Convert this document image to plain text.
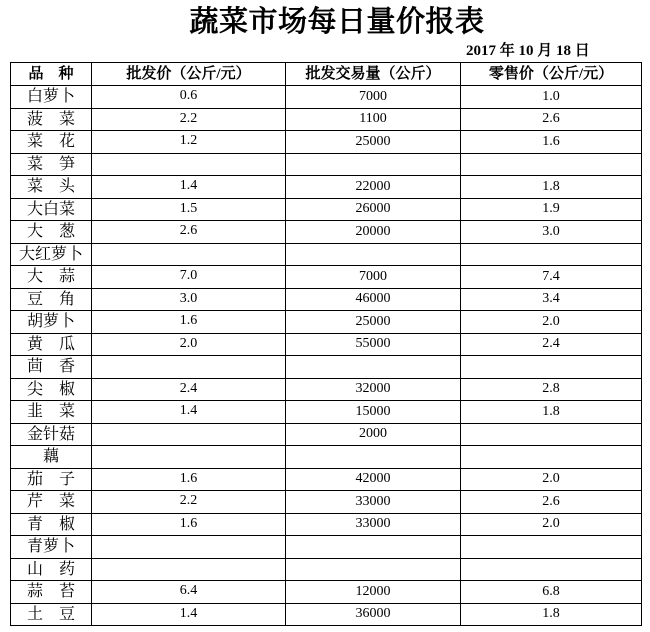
蔬菜市场每日量价报表
2017 年 10 月 18 日
品　种	批发价（公斤/元）	批发交易量（公斤）	零售价（公斤/元）
白萝卜	0.6	7000	1.0
菠　菜	2.2	1100	2.6
菜　花	1.2	25000	1.6
菜　笋			
菜　头	1.4	22000	1.8
大白菜	1.5	26000	1.9
大　葱	2.6	20000	3.0
大红萝卜			
大　蒜	7.0	7000	7.4
豆　角	3.0	46000	3.4
胡萝卜	1.6	25000	2.0
黄　瓜	2.0	55000	2.4
茴　香			
尖　椒	2.4	32000	2.8
韭　菜	1.4	15000	1.8
金针菇		2000	
藕			
茄　子	1.6	42000	2.0
芹　菜	2.2	33000	2.6
青　椒	1.6	33000	2.0
青萝卜			
山　药			
蒜　苔	6.4	12000	6.8
土　豆	1.4	36000	1.8
